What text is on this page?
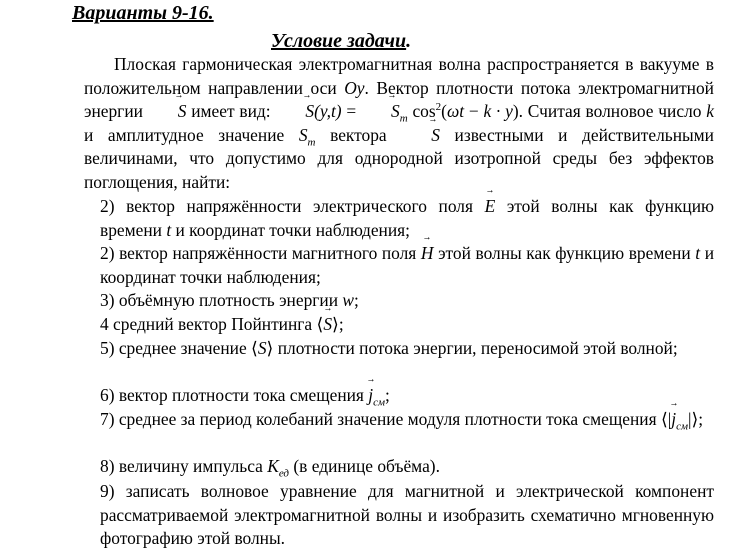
Варианты 9-16.
Условие задачи.
Плоская гармоническая электромагнитная волна распространяется в вакууме в положительном направлении оси Oy. Вектор плотности потока электромагнитной энергии → S имеет вид: → S(y,t) = → $S_m$ $\cos^2(\omega t - k \cdot y)$. Считая волновое число k и амплитудное значение $S_m$ вектора	→ S известными и действительными величинами, что допустимо для однородной изотропной среды без эффектов поглощения, найти:
2) вектор напряжённости электрического поля → E этой волны как функцию времени t и координат точки наблюдения;
2) вектор напряжённости магнитного поля → H этой волны как функцию времени t и координат точки наблюдения;
3) объёмную плотность энергии w;
4 средний вектор Пойнтинга ⟨→ S⟩;
5) среднее значение ⟨S⟩ плотности потока энергии, переносимой этой волной;
6) вектор плотности тока смещения → $j_{см}$;
7) среднее за период колебаний значение модуля плотности тока смещения ⟨|→ $j_{см}|⟩$;
8) величину импульса $K_{ед}$ (в единице объёма).
9) записать волновое уравнение для магнитной и электрической компонент рассматриваемой электромагнитной волны и изобразить схематично мгновенную фотографию этой волны.
